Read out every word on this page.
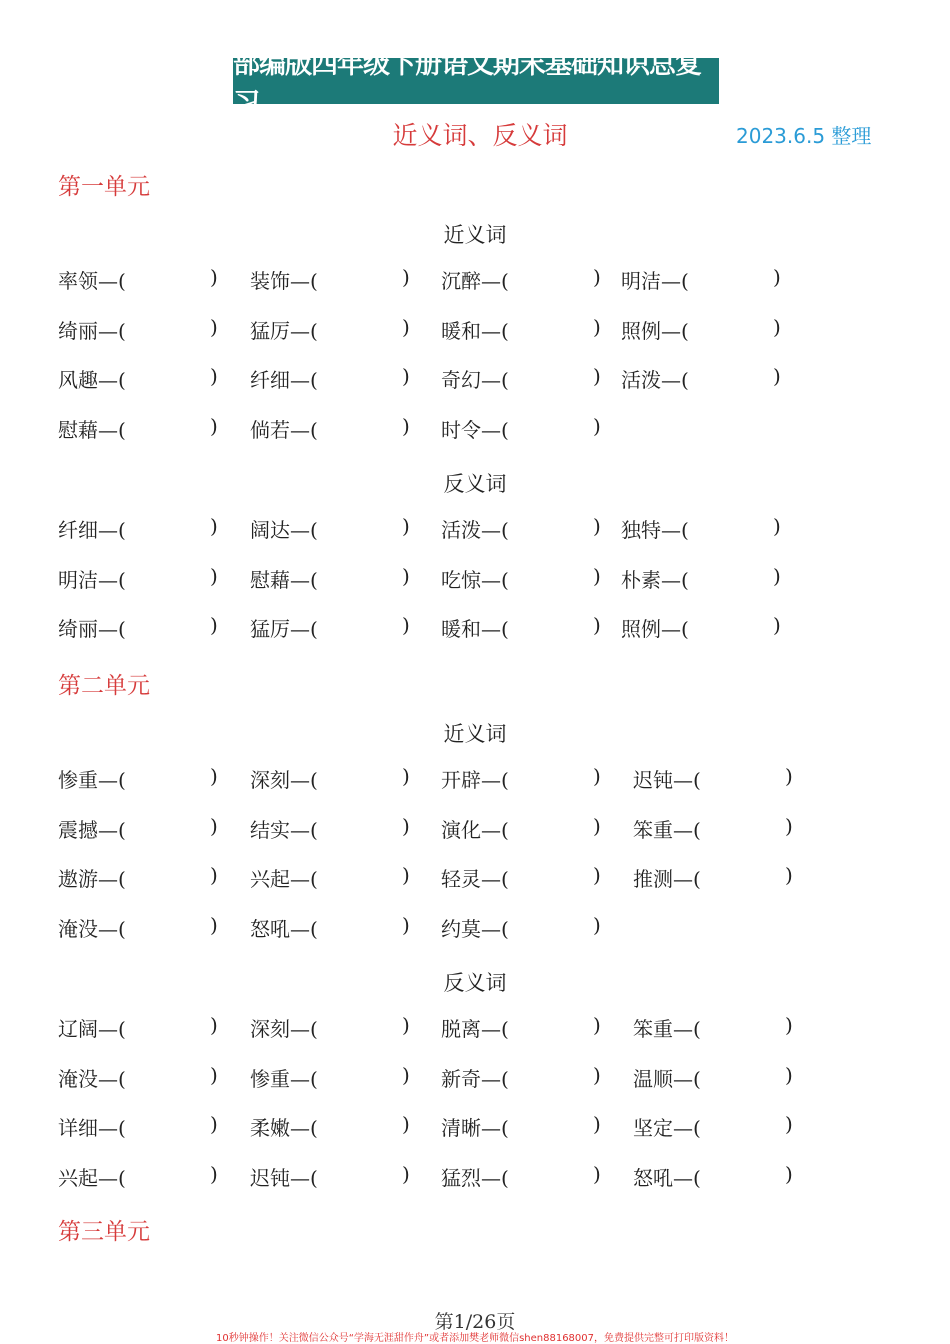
部编版四年级下册语文期末基础知识总复习
近义词、反义词	2023.6.5 整理
第一单元
近义词
率领—(	) 装饰—(	) 沉醉—(	) 明洁—(	)
绮丽—(	) 猛厉—(	) 暖和—(	) 照例—(	)
风趣—(	) 纤细—(	) 奇幻—(	) 活泼—(	)
慰藉—(	) 倘若—(	) 时令—(	)
反义词
纤细—(	) 阔达—(	) 活泼—(	) 独特—(	)
明洁—(	) 慰藉—(	) 吃惊—(	) 朴素—(	)
绮丽—(	) 猛厉—(	) 暖和—(	) 照例—(	)
第二单元
近义词
惨重—(	) 深刻—(	) 开辟—(	) 迟钝—(	)
震撼—(	) 结实—(	) 演化—(	) 笨重—(	)
遨游—(	) 兴起—(	) 轻灵—(	) 推测—(	)
淹没—(	) 怒吼—(	) 约莫—(	)
反义词
辽阔—(	) 深刻—(	) 脱离—(	) 笨重—(	)
淹没—(	) 惨重—(	) 新奇—(	) 温顺—(	)
详细—(	) 柔嫩—(	) 清晰—(	) 坚定—(	)
兴起—(	) 迟钝—(	) 猛烈—(	) 怒吼—(	)
第三单元
第1/26页
10秒钟操作！关注微信公众号“学海无涯甜作舟”或者添加樊老师微信shen88168007，免费提供完整可打印版资料！
